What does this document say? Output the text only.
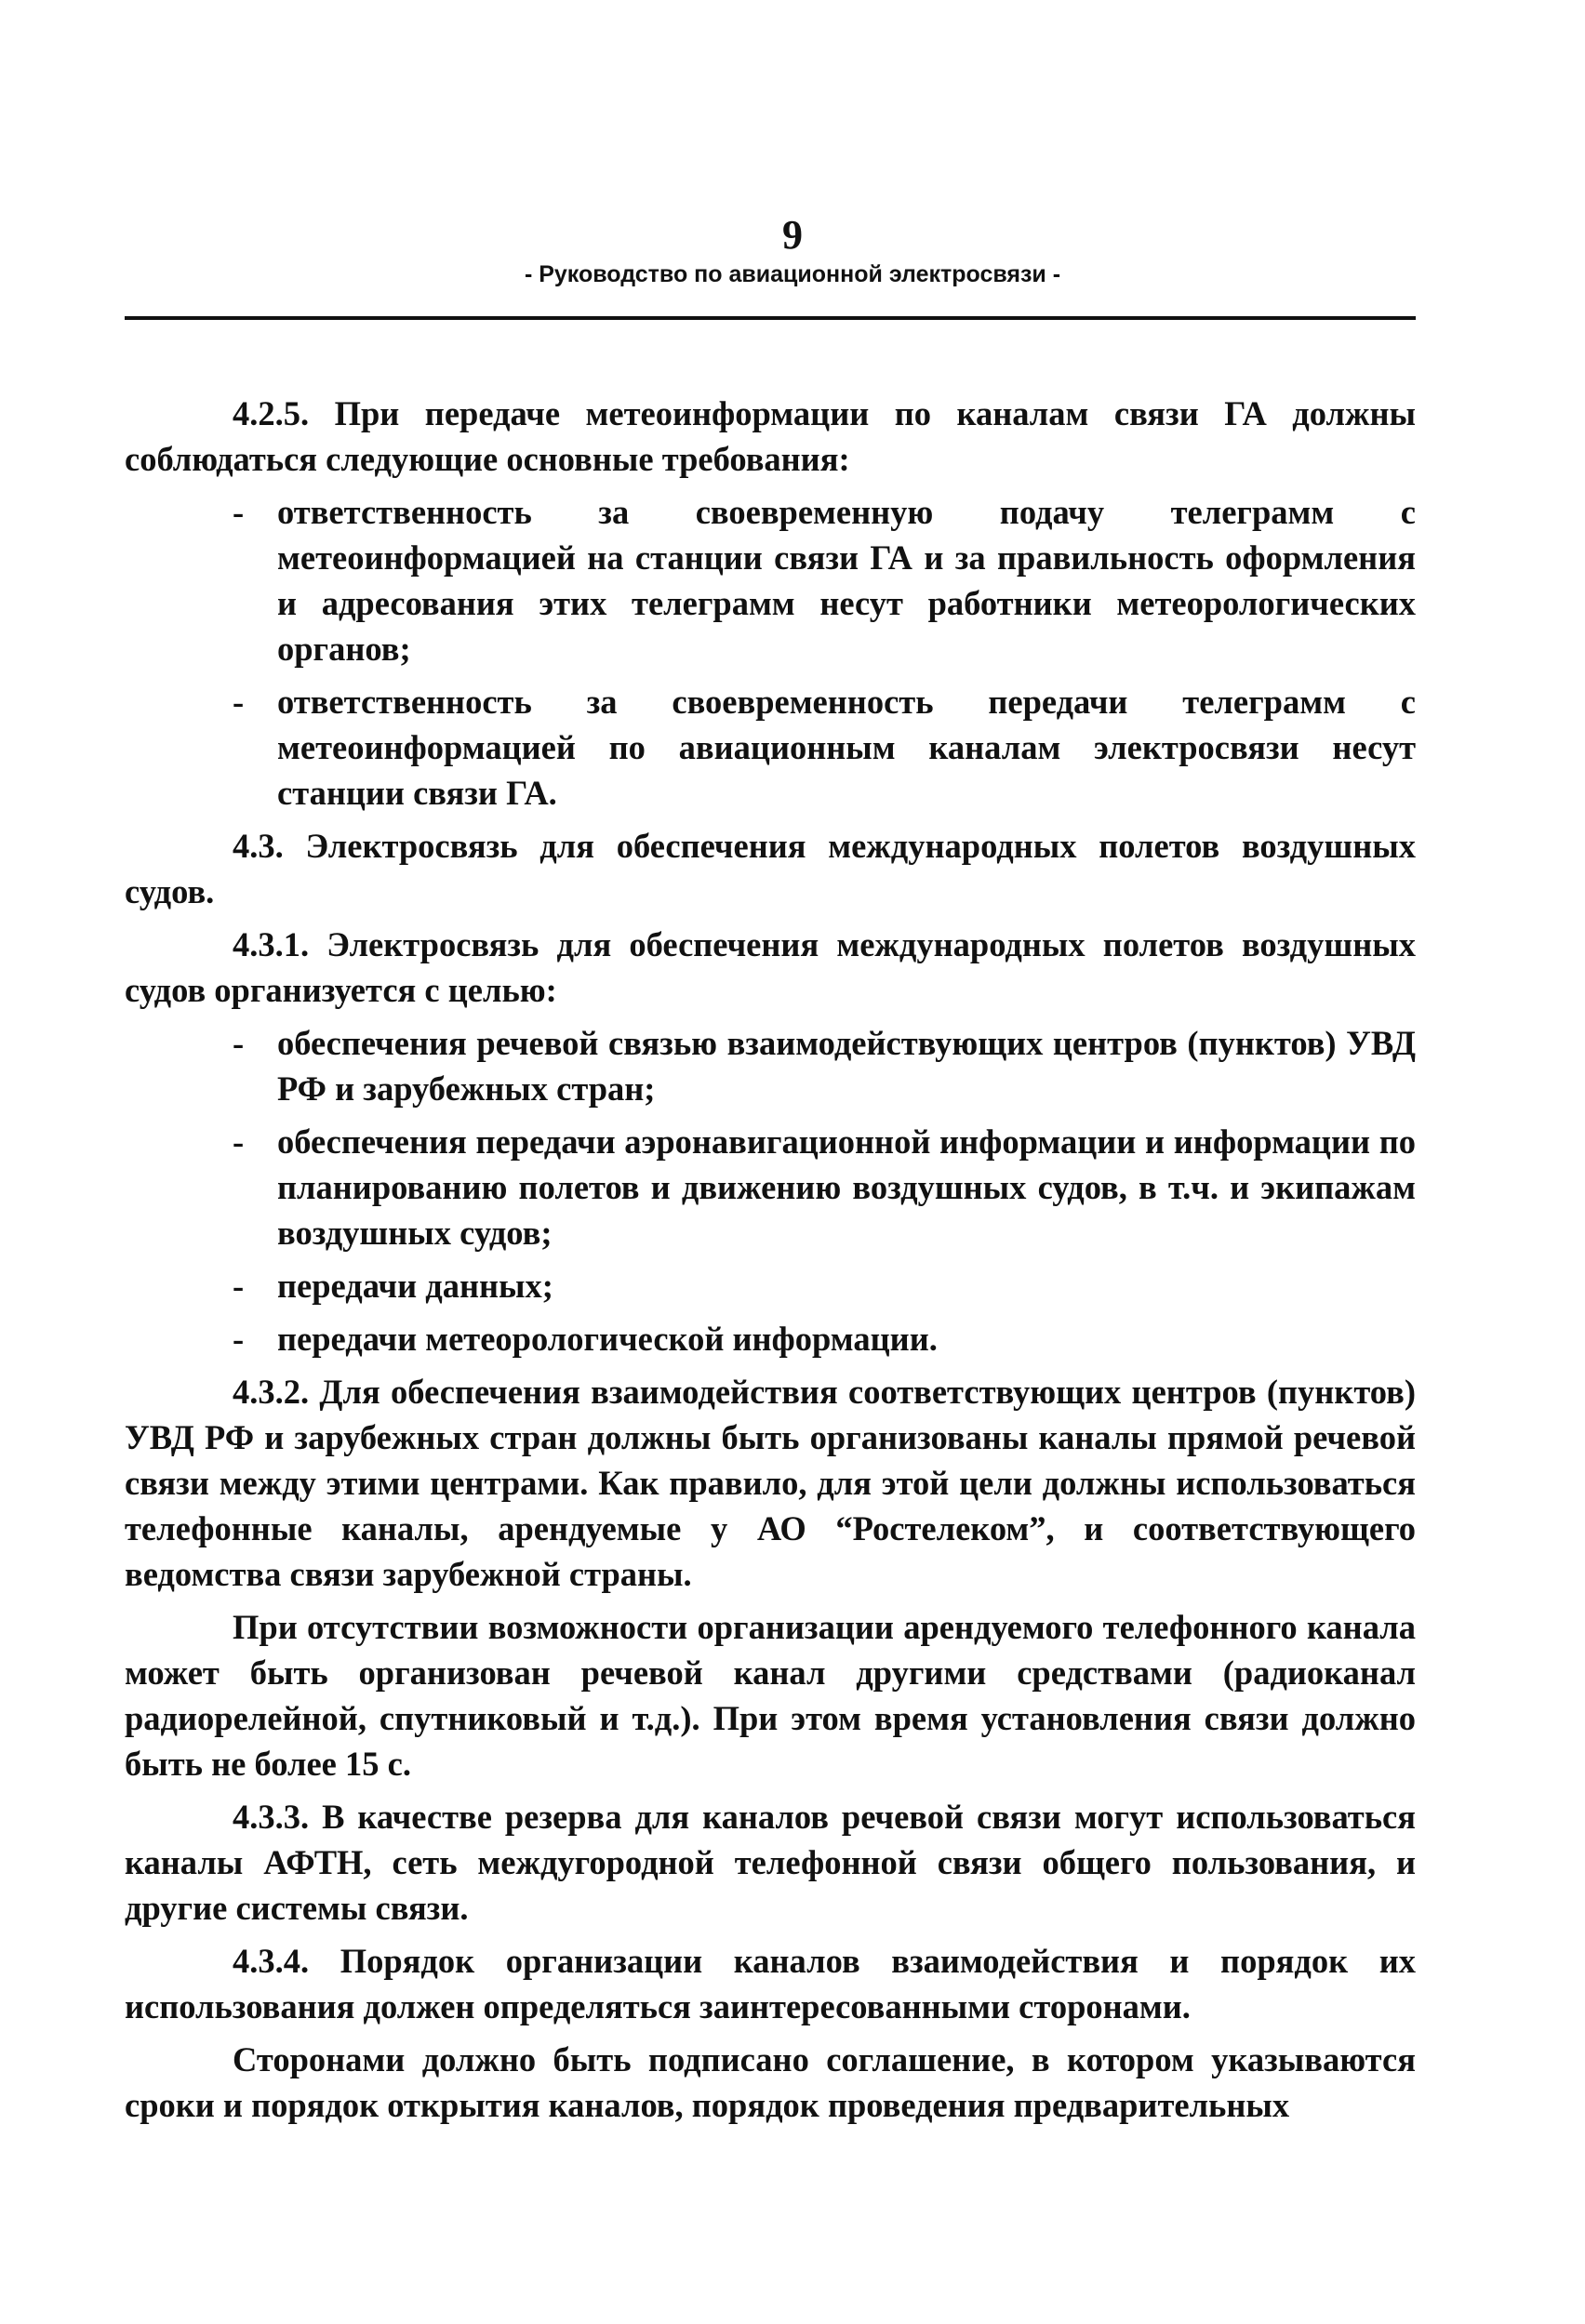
9
- Руководство по авиационной электросвязи -

4.2.5. При передаче метеоинформации по каналам связи ГА должны соблюдаться следующие основные требования:

- ответственность за своевременную подачу телеграмм с метеоинформацией на станции связи ГА и за правильность оформления и адресования этих телеграмм несут работники метеорологических органов;
- ответственность за своевременность передачи телеграмм с метеоинформацией по авиационным каналам электросвязи несут станции связи ГА.

4.3. Электросвязь для обеспечения международных полетов воздушных судов.

4.3.1. Электросвязь для обеспечения международных полетов воздушных судов организуется с целью:

- обеспечения речевой связью взаимодействующих центров (пунктов) УВД РФ и зарубежных стран;
- обеспечения передачи аэронавигационной информации и информации по планированию полетов и движению воздушных судов, в т.ч. и экипажам воздушных судов;
- передачи данных;
- передачи метеорологической информации.

4.3.2. Для обеспечения взаимодействия соответствующих центров (пунктов) УВД РФ и зарубежных стран должны быть организованы каналы прямой речевой связи между этими центрами. Как правило, для этой цели должны использоваться телефонные каналы, арендуемые у АО “Ростелеком”, и соответствующего ведомства связи зарубежной страны.

При отсутствии возможности организации арендуемого телефонного канала может быть организован речевой канал другими средствами (радиоканал радиорелейной, спутниковый и т.д.). При этом время установления связи должно быть не более 15 с.

4.3.3. В качестве резерва для каналов речевой связи могут использоваться каналы АФТН, сеть междугородной телефонной связи общего пользования, и другие системы связи.

4.3.4. Порядок организации каналов взаимодействия и порядок их использования должен определяться заинтересованными сторонами.

Сторонами должно быть подписано соглашение, в котором указываются сроки и порядок открытия каналов, порядок проведения предварительных
